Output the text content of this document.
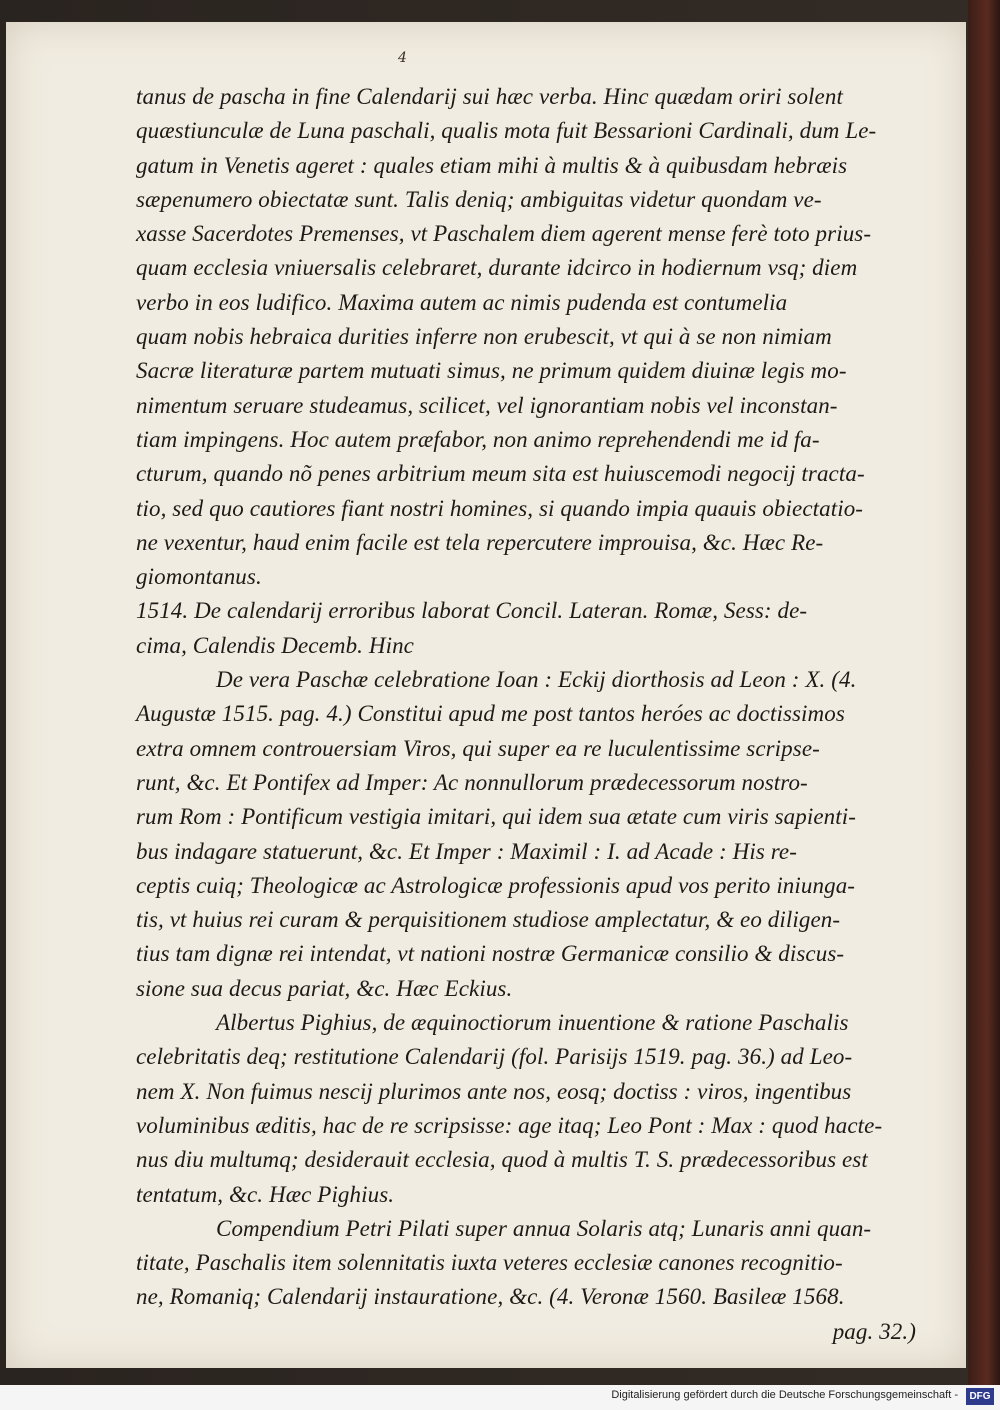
4
tanus de pascha in fine Calendarij sui hæc verba. Hinc quædam oriri solent
quæstiunculæ de Luna paschali, qualis mota fuit Bessarioni Cardinali, dum Le-
gatum in Venetis ageret : quales etiam mihi à multis & à quibusdam hebræis
sæpenumero obiectatæ sunt. Talis deniq; ambiguitas videtur quondam ve-
xasse Sacerdotes Premenses, vt Paschalem diem agerent mense ferè toto prius-
quam ecclesia vniuersalis celebraret, durante idcirco in hodiernum vsq; diem
verbo in eos ludifico. Maxima autem ac nimis pudenda est contumelia
quam nobis hebraica durities inferre non erubescit, vt qui à se non nimiam
Sacræ literaturæ partem mutuati simus, ne primum quidem diuinæ legis mo-
nimentum seruare studeamus, scilicet, vel ignorantiam nobis vel inconstan-
tiam impingens. Hoc autem præfabor, non animo reprehendendi me id fa-
cturum, quando nõ penes arbitrium meum sita est huiuscemodi negocij tracta-
tio, sed quo cautiores fiant nostri homines, si quando impia quauis obiectatio-
ne vexentur, haud enim facile est tela repercutere improuisa, &c. Hæc Re-
giomontanus.
1514. De calendarij erroribus laborat Concil. Lateran. Romæ, Sess: de-
cima, Calendis Decemb. Hinc
De vera Paschæ celebratione Ioan : Eckij diorthosis ad Leon : X. (4.
Augustæ 1515. pag. 4.) Constitui apud me post tantos heróes ac doctissimos
extra omnem controuersiam Viros, qui super ea re luculentissime scripse-
runt, &c. Et Pontifex ad Imper: Ac nonnullorum prædecessorum nostro-
rum Rom : Pontificum vestigia imitari, qui idem sua ætate cum viris sapienti-
bus indagare statuerunt, &c. Et Imper : Maximil : I. ad Acade : His re-
ceptis cuiq; Theologicæ ac Astrologicæ professionis apud vos perito iniunga-
tis, vt huius rei curam & perquisitionem studiose amplectatur, & eo diligen-
tius tam dignæ rei intendat, vt nationi nostræ Germanicæ consilio & discus-
sione sua decus pariat, &c. Hæc Eckius.
Albertus Pighius, de æquinoctiorum inuentione & ratione Paschalis
celebritatis deq; restitutione Calendarij (fol. Parisijs 1519. pag. 36.) ad Leo-
nem X. Non fuimus nescij plurimos ante nos, eosq; doctiss : viros, ingentibus
voluminibus æditis, hac de re scripsisse: age itaq; Leo Pont : Max : quod hacte-
nus diu multumq; desiderauit ecclesia, quod à multis T. S. prædecessoribus est
tentatum, &c. Hæc Pighius.
Compendium Petri Pilati super annua Solaris atq; Lunaris anni quan-
titate, Paschalis item solennitatis iuxta veteres ecclesiæ canones recognitio-
ne, Romaniq; Calendarij instauratione, &c. (4. Veronæ 1560. Basileæ 1568.
pag. 32.)
Digitalisierung gefördert durch die Deutsche Forschungsgemeinschaft -	DFG
